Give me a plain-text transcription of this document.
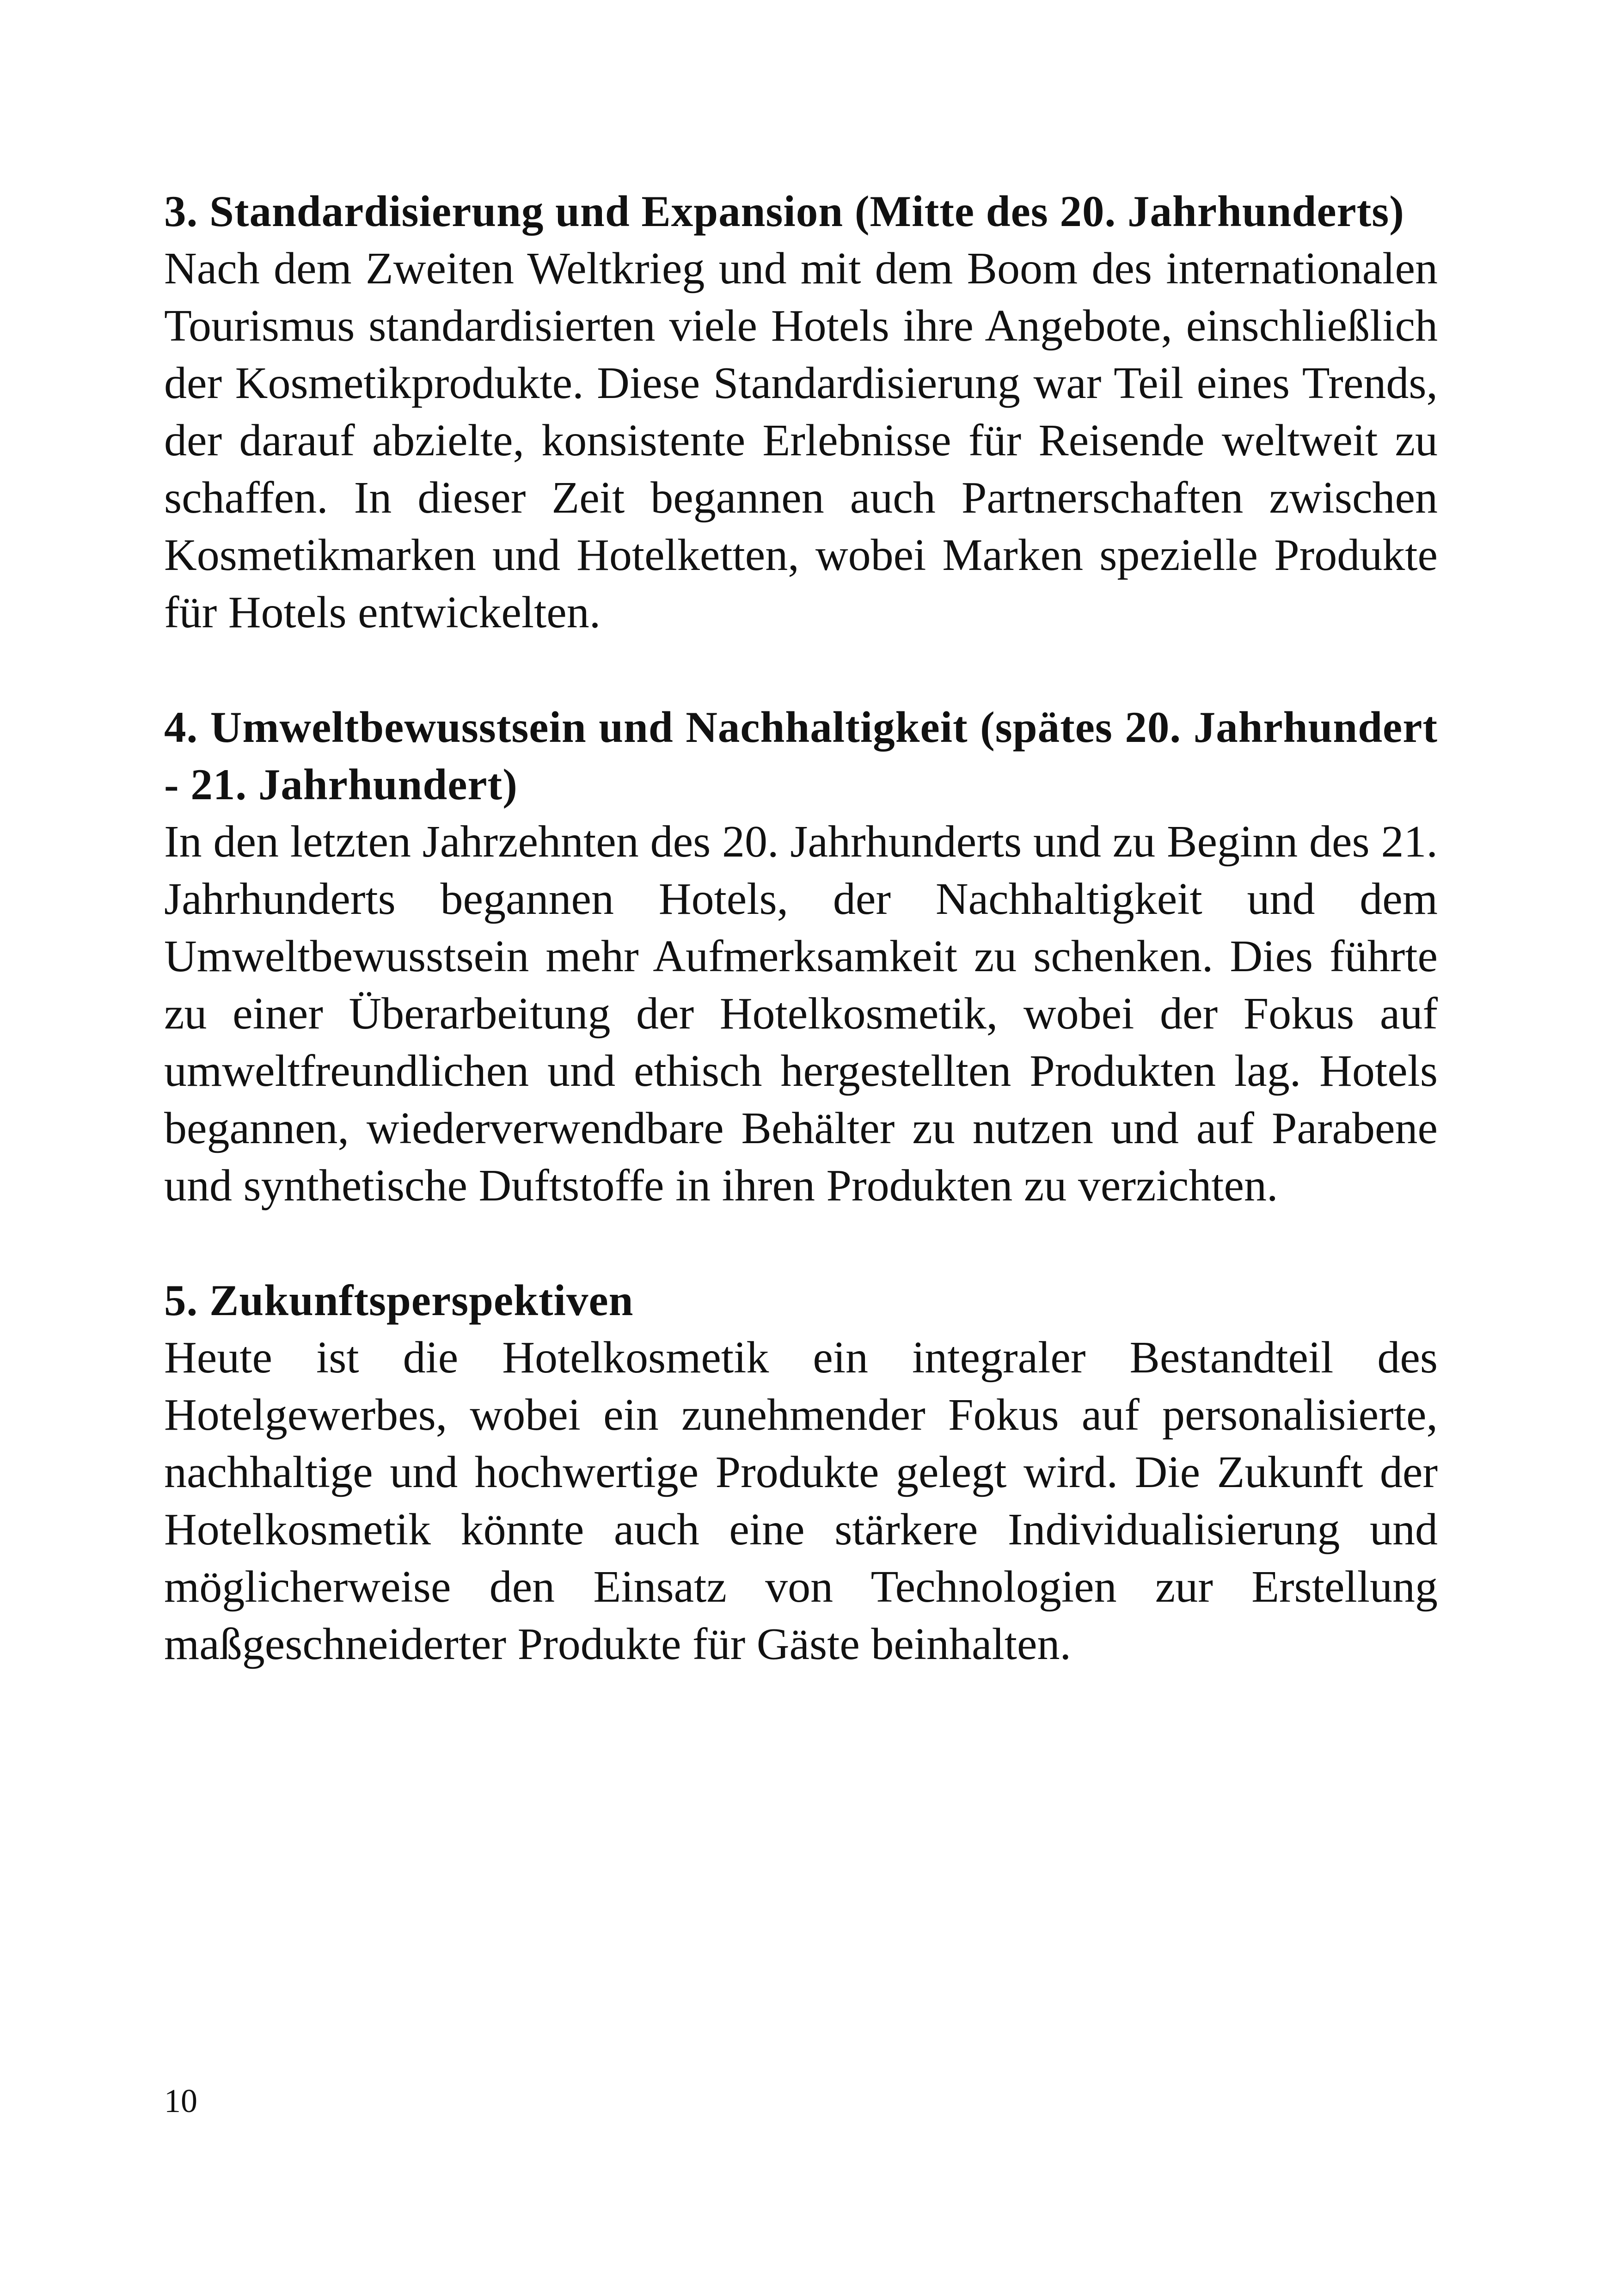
3. Standardisierung und Expansion (Mitte des 20. Jahrhunderts)

Nach dem Zweiten Weltkrieg und mit dem Boom des internationalen Tourismus standardisierten viele Hotels ihre Angebote, einschließlich der Kosmetikprodukte. Diese Standardisierung war Teil eines Trends, der darauf abzielte, konsistente Erlebnisse für Reisende weltweit zu schaffen. In dieser Zeit begannen auch Partnerschaften zwischen Kosmetikmarken und Hotelketten, wobei Marken spezielle Produkte für Hotels entwickelten.

4. Umweltbewusstsein und Nachhaltigkeit (spätes 20. Jahrhundert - 21. Jahrhundert)

In den letzten Jahrzehnten des 20. Jahrhunderts und zu Beginn des 21. Jahrhunderts begannen Hotels, der Nachhaltigkeit und dem Umweltbewusstsein mehr Aufmerksamkeit zu schenken. Dies führte zu einer Überarbeitung der Hotelkosmetik, wobei der Fokus auf umweltfreundlichen und ethisch hergestellten Produkten lag. Hotels begannen, wiederverwendbare Behälter zu nutzen und auf Parabene und synthetische Duftstoffe in ihren Produkten zu verzichten.

5. Zukunftsperspektiven

Heute ist die Hotelkosmetik ein integraler Bestandteil des Hotelgewerbes, wobei ein zunehmender Fokus auf personalisierte, nachhaltige und hochwertige Produkte gelegt wird. Die Zukunft der Hotelkosmetik könnte auch eine stärkere Individualisierung und möglicherweise den Einsatz von Technologien zur Erstellung maßgeschneiderter Produkte für Gäste beinhalten.

10
